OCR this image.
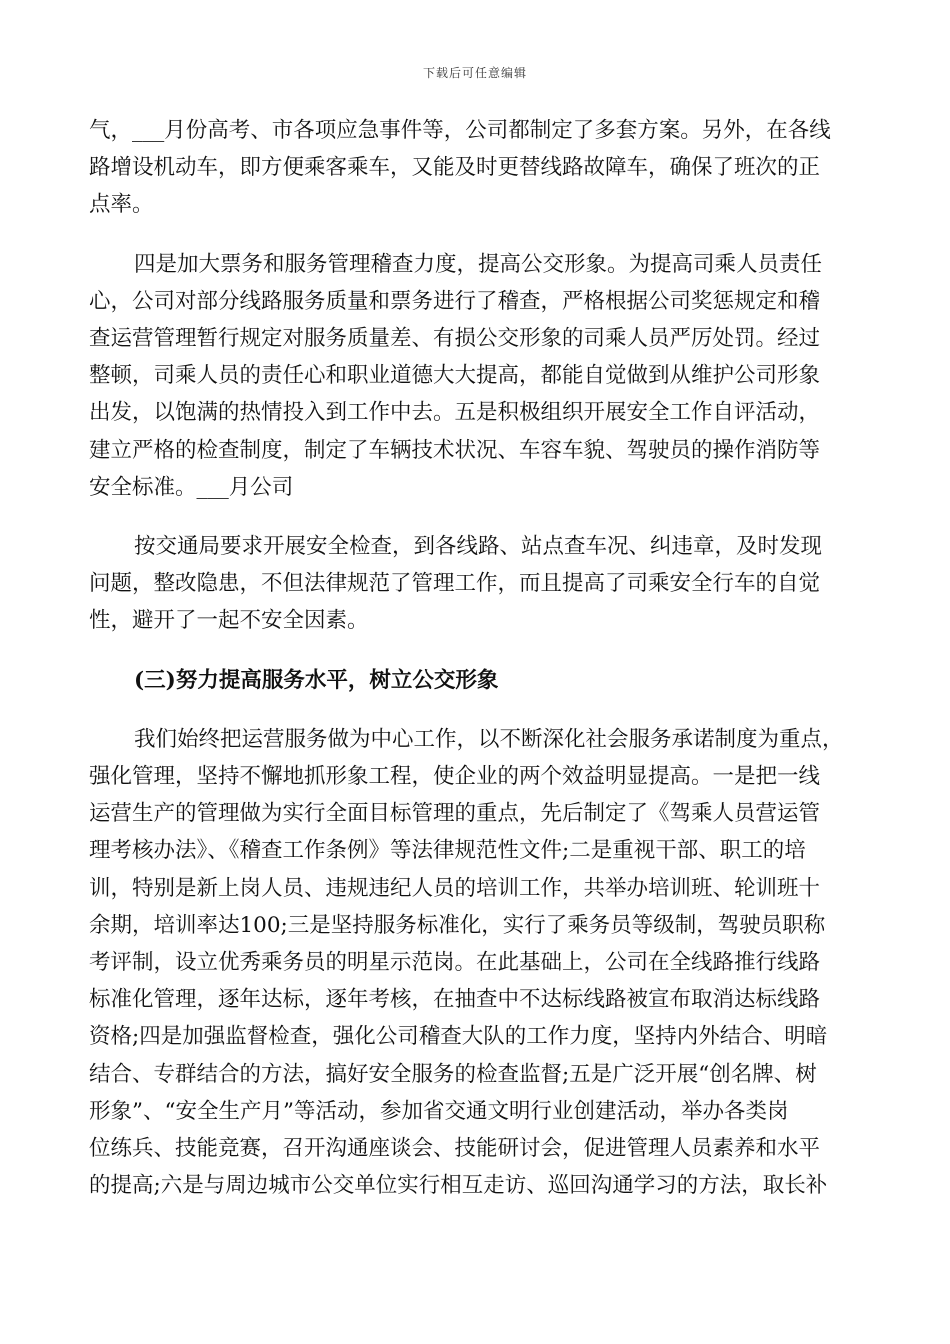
下载后可任意编辑

气，___月份高考、市各项应急事件等，公司都制定了多套方案。另外，在各线
路增设机动车，即方便乘客乘车，又能及时更替线路故障车，确保了班次的正
点率。

四是加大票务和服务管理稽查力度，提高公交形象。为提高司乘人员责任
心，公司对部分线路服务质量和票务进行了稽查，严格根据公司奖惩规定和稽
查运营管理暂行规定对服务质量差、有损公交形象的司乘人员严厉处罚。经过
整顿，司乘人员的责任心和职业道德大大提高，都能自觉做到从维护公司形象
出发，以饱满的热情投入到工作中去。五是积极组织开展安全工作自评活动，
建立严格的检查制度，制定了车辆技术状况、车容车貌、驾驶员的操作消防等
安全标准。___月公司

按交通局要求开展安全检查，到各线路、站点查车况、纠违章，及时发现
问题，整改隐患，不但法律规范了管理工作，而且提高了司乘安全行车的自觉
性，避开了一起不安全因素。

(三)努力提高服务水平，树立公交形象

我们始终把运营服务做为中心工作，以不断深化社会服务承诺制度为重点，
强化管理，坚持不懈地抓形象工程，使企业的两个效益明显提高。一是把一线
运营生产的管理做为实行全面目标管理的重点，先后制定了《驾乘人员营运管
理考核办法》、《稽查工作条例》等法律规范性文件;二是重视干部、职工的培
训，特别是新上岗人员、违规违纪人员的培训工作，共举办培训班、轮训班十
余期，培训率达100;三是坚持服务标准化，实行了乘务员等级制，驾驶员职称
考评制，设立优秀乘务员的明星示范岗。在此基础上，公司在全线路推行线路
标准化管理，逐年达标，逐年考核，在抽查中不达标线路被宣布取消达标线路
资格;四是加强监督检查，强化公司稽查大队的工作力度，坚持内外结合、明暗
结合、专群结合的方法，搞好安全服务的检查监督;五是广泛开展“创名牌、树
形象”、“安全生产月”等活动，参加省交通文明行业创建活动，举办各类岗
位练兵、技能竞赛，召开沟通座谈会、技能研讨会，促进管理人员素养和水平
的提高;六是与周边城市公交单位实行相互走访、巡回沟通学习的方法，取长补
